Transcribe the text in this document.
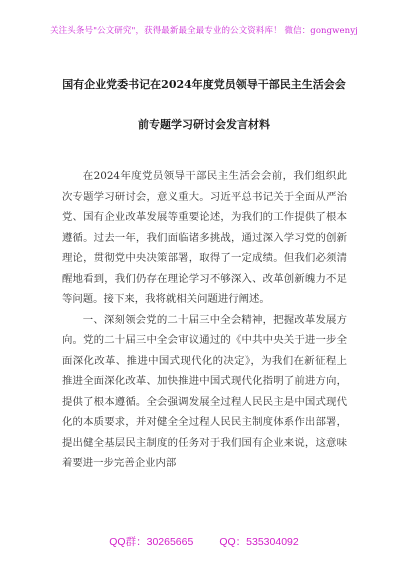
关注头条号"公文研究"，获得最新最全最专业的公文资料库！ 微信：gongwenyj
国有企业党委书记在2024年度党员领导干部民主生活会会
前专题学习研讨会发言材料

在2024年度党员领导干部民主生活会会前，我们组织此次专题学习研讨会，意义重大。习近平总书记关于全面从严治党、国有企业改革发展等重要论述，为我们的工作提供了根本遵循。过去一年，我们面临诸多挑战，通过深入学习党的创新理论，贯彻党中央决策部署，取得了一定成绩。但我们必须清醒地看到，我们仍存在理论学习不够深入、改革创新魄力不足等问题。接下来，我将就相关问题进行阐述。

一、深刻领会党的二十届三中全会精神，把握改革发展方向。党的二十届三中全会审议通过的《中共中央关于进一步全面深化改革、推进中国式现代化的决定》，为我们在新征程上推进全面深化改革、加快推进中国式现代化指明了前进方向，提供了根本遵循。全会强调发展全过程人民民主是中国式现代化的本质要求，并对健全全过程人民民主制度体系作出部署，提出健全基层民主制度的任务对于我们国有企业来说，这意味着要进一步完善企业内部

QQ群：30265665 QQ：535304092
